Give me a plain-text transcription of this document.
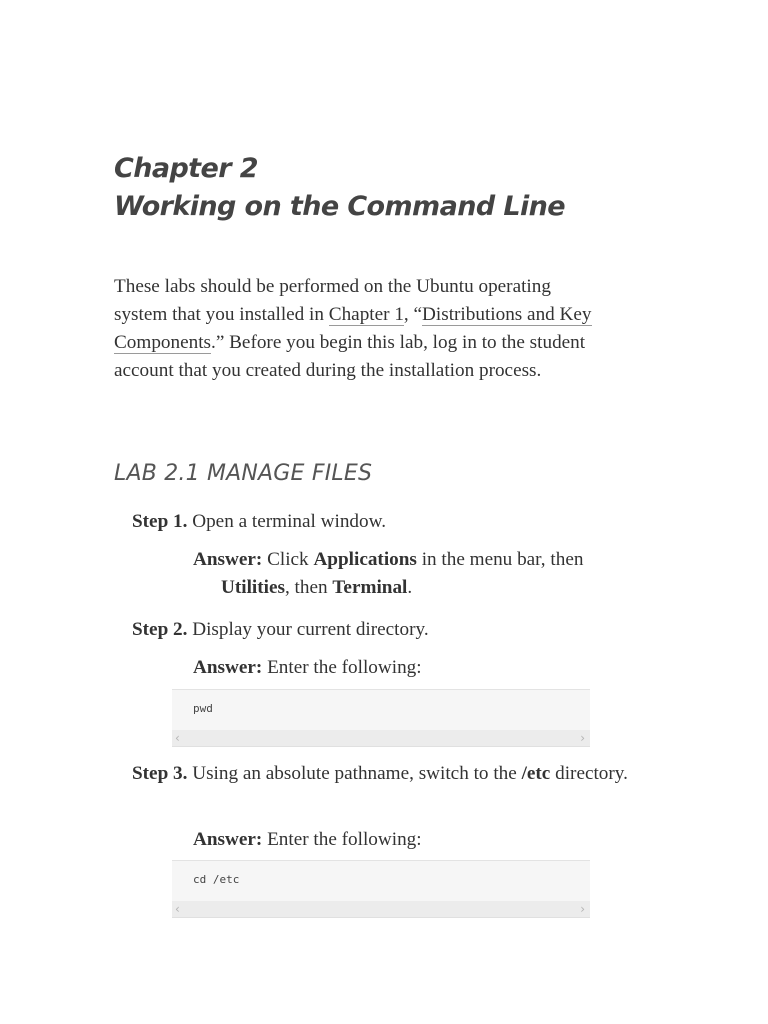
Chapter 2
Working on the Command Line

These labs should be performed on the Ubuntu operating system that you installed in Chapter 1, “Distributions and Key Components.” Before you begin this lab, log in to the student account that you created during the installation process.

LAB 2.1 MANAGE FILES
Step 1. Open a terminal window.
Answer: Click Applications in the menu bar, then Utilities, then Terminal.
Step 2. Display your current directory.
Answer: Enter the following:
pwd
‹	›
Step 3. Using an absolute pathname, switch to the /etc directory.
Answer: Enter the following:
cd /etc
‹	›
